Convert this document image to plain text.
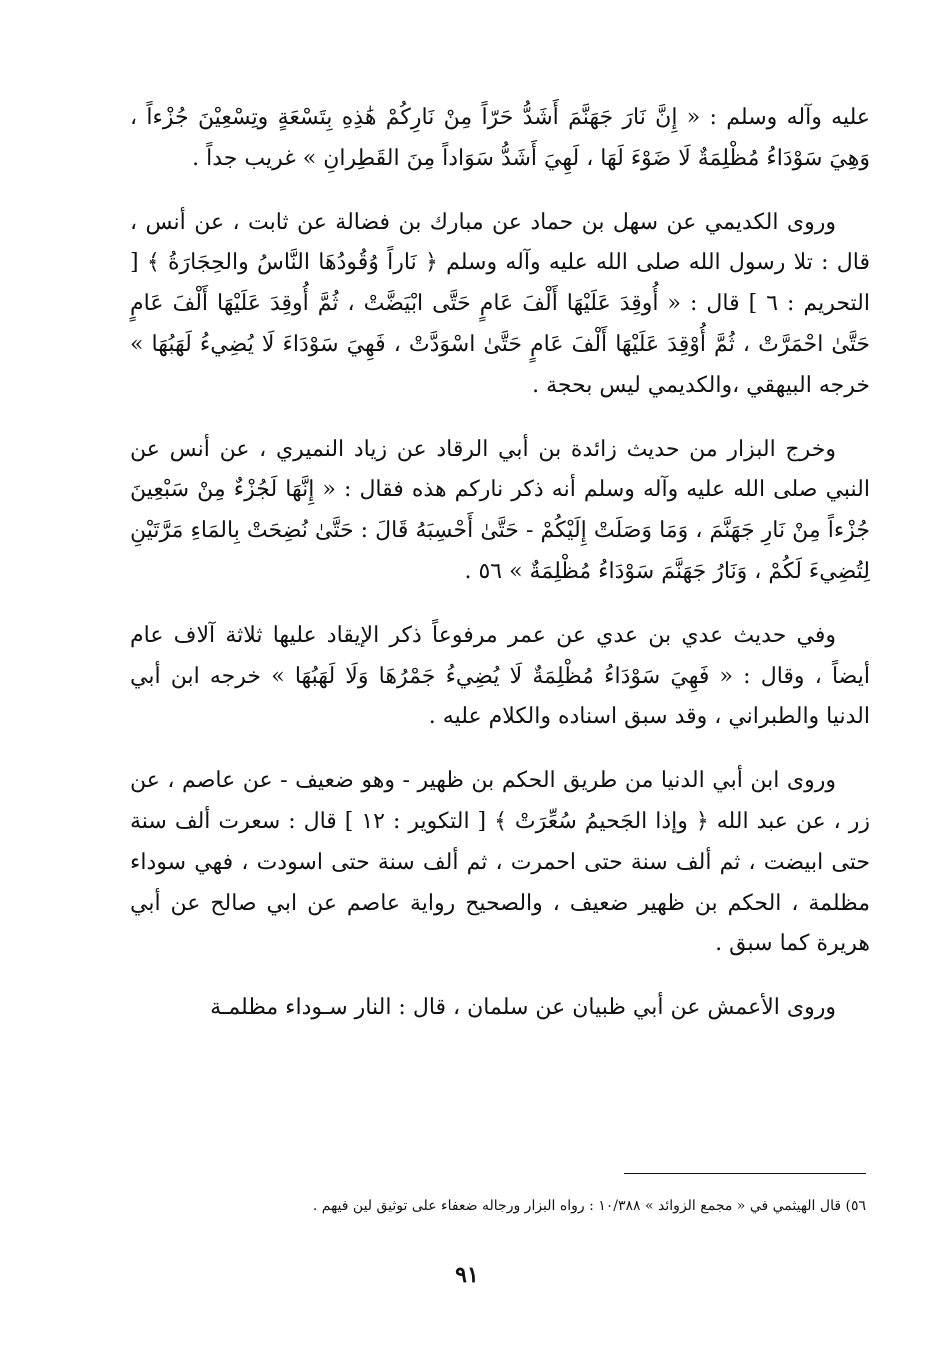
عليه وآله وسلم : « إِنَّ نَارَ جَهَنَّمَ أَشَدُّ حَرّاً مِنْ نَارِكُمْ هَٰذِهِ بِتَسْعَةٍ وتِسْعِيْنَ جُزْءاً ، وَهِيَ سَوْدَاءُ مُظْلِمَةٌ لَا ضَوْءَ لَهَا ، لَهِيَ أَشَدُّ سَوَاداً مِنَ القَطِرانِ » غريب جداً .

وروى الكديمي عن سهل بن حماد عن مبارك بن فضالة عن ثابت ، عن أنس ، قال : تلا رسول الله صلى الله عليه وآله وسلم ﴿ نَاراً وُقُودُهَا النَّاسُ والحِجَارَةُ ﴾ [ التحريم : ٦ ] قال : « أُوقِدَ عَلَيْهَا أَلْفَ عَامٍ حَتَّى ابْيَضَّتْ ، ثُمَّ أُوقِدَ عَلَيْهَا أَلْفَ عَامٍ حَتَّىٰ احْمَرَّتْ ، ثُمَّ أُوْقِدَ عَلَيْهَا أَلْفَ عَامٍ حَتَّىٰ اسْوَدَّتْ ، فَهِيَ سَوْدَاءَ لَا يُضِيءُ لَهَبُهَا » خرجه البيهقي ،والكديمي ليس بحجة .

وخرج البزار من حديث زائدة بن أبي الرقاد عن زياد النميري ، عن أنس عن النبي صلى الله عليه وآله وسلم أنه ذكر ناركم هذه فقال : « إِنَّهَا لَجُزْءٌ مِنْ سَبْعِينَ جُزْءاً مِنْ نَارِ جَهَنَّمَ ، وَمَا وَصَلَتْ إِلَيْكُمْ - حَتَّىٰ أَحْسِبَهُ قَالَ : حَتَّىٰ نُضِحَتْ بِالمَاءِ مَرَّتَيْنِ لِتُضِيءَ لَكُمْ ، وَنَارُ جَهَنَّمَ سَوْدَاءُ مُظْلِمَةٌ » ٥٦ .

وفي حديث عدي بن عدي عن عمر مرفوعاً ذكر الإيقاد عليها ثلاثة آلاف عام أيضاً ، وقال : « فَهِيَ سَوْدَاءُ مُظْلِمَةٌ لَا يُضِيءُ جَمْرُهَا وَلَا لَهَبُهَا » خرجه ابن أبي الدنيا والطبراني ، وقد سبق اسناده والكلام عليه .

وروى ابن أبي الدنيا من طريق الحكم بن ظهير - وهو ضعيف - عن عاصم ، عن زر ، عن عبد الله ﴿ وإذا الجَحيمُ سُعِّرَتْ ﴾ [ التكوير : ١٢ ] قال : سعرت ألف سنة حتى ابيضت ، ثم ألف سنة حتى احمرت ، ثم ألف سنة حتى اسودت ، فهي سوداء مظلمة ، الحكم بن ظهير ضعيف ، والصحيح رواية عاصم عن ابي صالح عن أبي هريرة كما سبق .

وروى الأعمش عن أبي ظبيان عن سلمان ، قال : النار سـوداء مظلمـة

٥٦) قال الهيثمي في « مجمع الزوائد » ١٠/٣٨٨ : رواه البزار ورجاله ضعفاء على توثيق لين فيهم .
٩١
